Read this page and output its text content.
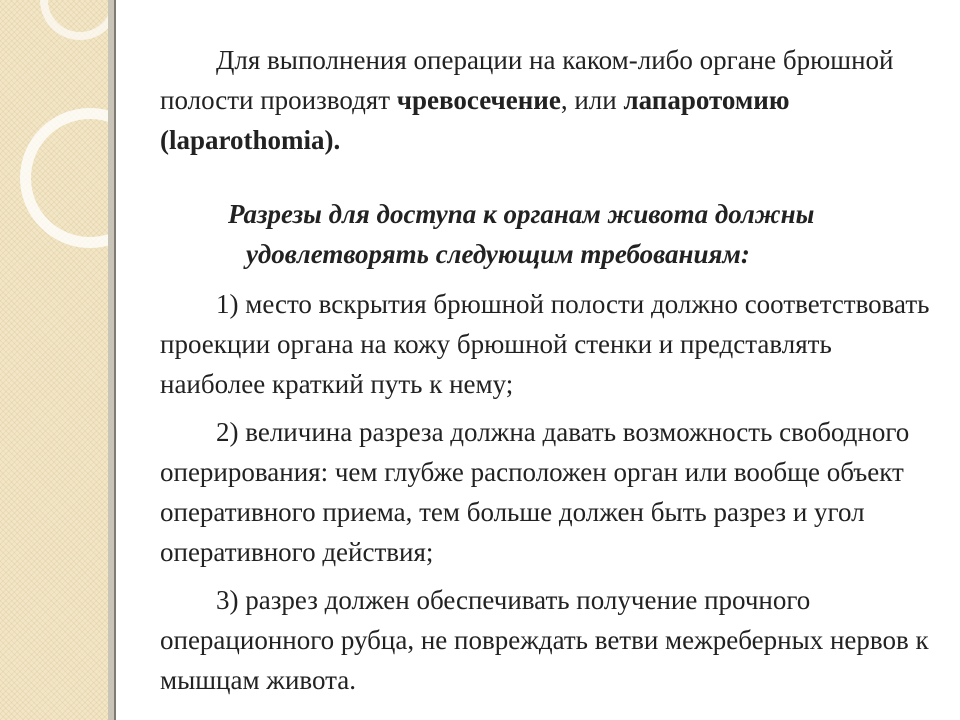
Для выполнения операции на каком-либо органе брюшной полости производят чревосечение, или лапаротомию (laparothomia).

Разрезы для доступа к органам живота должны
удовлетворять следующим требованиям:

1) место вскрытия брюшной полости должно соответствовать проекции органа на кожу брюшной стенки и представлять наиболее краткий путь к нему;

2) величина разреза должна давать возможность свободного оперирования: чем глубже расположен орган или вообще объект оперативного приема, тем больше должен быть разрез и угол оперативного действия;

3) разрез должен обеспечивать получение прочного операционного рубца, не повреждать ветви межреберных нервов к мышцам живота.
